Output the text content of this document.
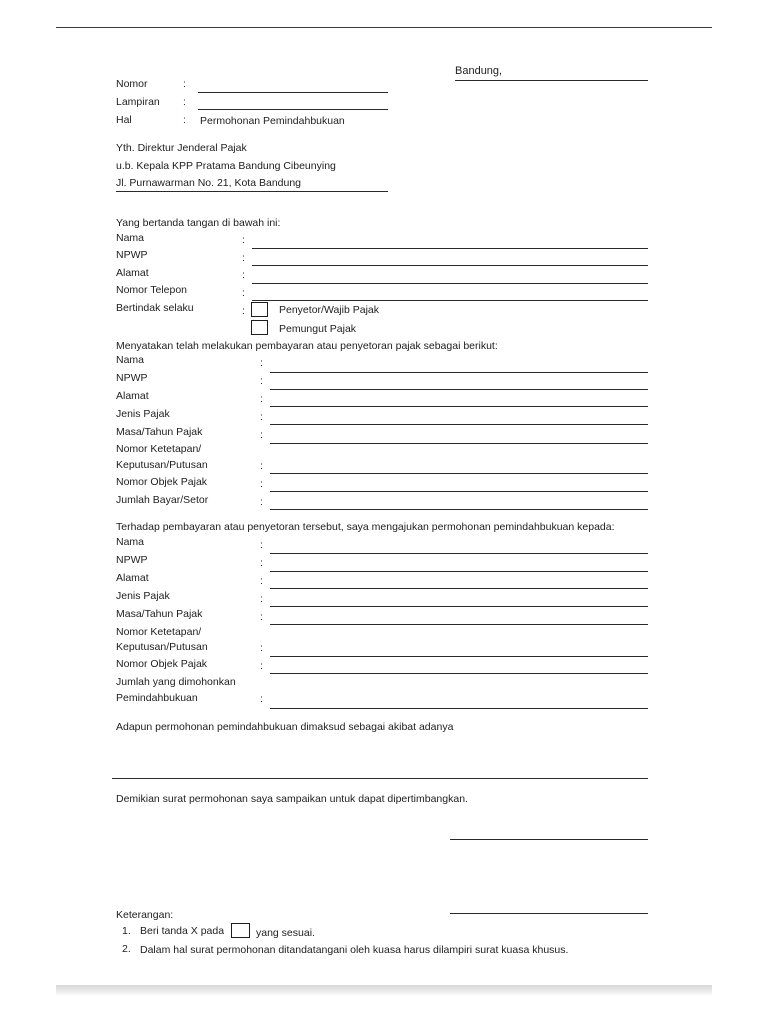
Bandung,
Nomor	:
Lampiran :
Hal	: Permohonan Pemindahbukuan
Yth. Direktur Jenderal Pajak
u.b. Kepala KPP Pratama Bandung Cibeunying
Jl. Purnawarman No. 21, Kota Bandung
Yang bertanda tangan di bawah ini:
Nama	:
NPWP	:
Alamat	:
Nomor Telepon	:
Bertindak selaku	:	Penyetor/Wajib Pajak
Pemungut Pajak
Menyatakan telah melakukan pembayaran atau penyetoran pajak sebagai berikut:
Nama	:
NPWP	:
Alamat	:
Jenis Pajak	:
Masa/Tahun Pajak	:
Nomor Ketetapan/
Keputusan/Putusan	:
Nomor Objek Pajak	:
Jumlah Bayar/Setor	:
Terhadap pembayaran atau penyetoran tersebut, saya mengajukan permohonan pemindahbukuan kepada:
Nama	:
NPWP	:
Alamat	:
Jenis Pajak	:
Masa/Tahun Pajak	:
Nomor Ketetapan/
Keputusan/Putusan	:
Nomor Objek Pajak	:
Jumlah yang dimohonkan
Pemindahbukuan	:
Adapun permohonan pemindahbukuan dimaksud sebagai akibat adanya
Demikian surat permohonan saya sampaikan untuk dapat dipertimbangkan.
Keterangan:
1. Beri tanda X pada	yang sesuai.
2. Dalam hal surat permohonan ditandatangani oleh kuasa harus dilampiri surat kuasa khusus.
